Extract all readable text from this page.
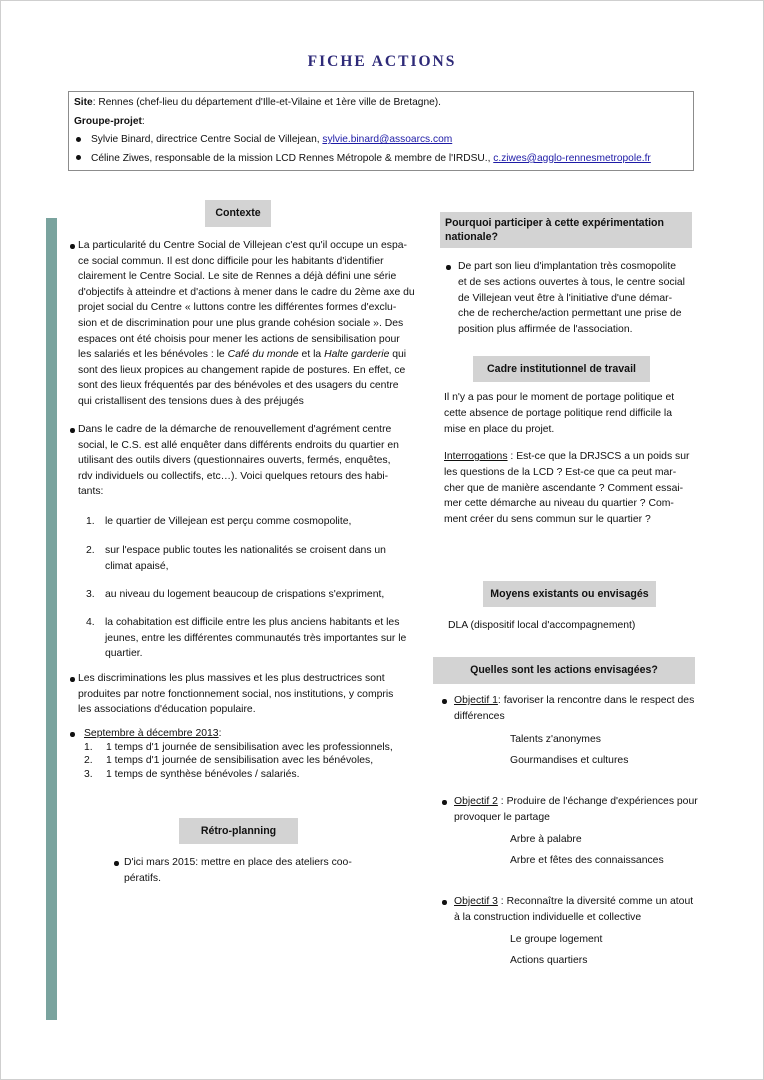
FICHE ACTIONS

Site: Rennes (chef-lieu du département d'Ille-et-Vilaine et 1ère ville de Bretagne).

Groupe-projet:

Sylvie Binard, directrice Centre Social de Villejean, sylvie.binard@assoarcs.com

Céline Ziwes, responsable de la mission LCD Rennes Métropole & membre de l'IRDSU., c.ziwes@agglo-rennesmetropole.fr

Contexte
La particularité du Centre Social de Villejean c'est qu'il occupe un espa-
ce social commun. Il est donc difficile pour les habitants d'identifier
clairement le Centre Social. Le site de Rennes a déjà défini une série
d'objectifs à atteindre et d'actions à mener dans le cadre du 2ème axe du
projet social du Centre « luttons contre les différentes formes d'exclu-
sion et de discrimination pour une plus grande cohésion sociale ». Des
espaces ont été choisis pour mener les actions de sensibilisation pour
les salariés et les bénévoles : le Café du monde et la Halte garderie qui
sont des lieux propices au changement rapide de postures. En effet, ce
sont des lieux fréquentés par des bénévoles et des usagers du centre
qui cristallisent des tensions dues à des préjugés
Dans le cadre de la démarche de renouvellement d'agrément centre
social, le C.S. est allé enquêter dans différents endroits du quartier en
utilisant des outils divers (questionnaires ouverts, fermés, enquêtes,
rdv individuels ou collectifs, etc…). Voici quelques retours des habi-
tants:
1. le quartier de Villejean est perçu comme cosmopolite,
2. sur l'espace public toutes les nationalités se croisent dans un
climat apaisé,
3. au niveau du logement beaucoup de crispations s'expriment,
4. la cohabitation est difficile entre les plus anciens habitants et les
jeunes, entre les différentes communautés très importantes sur le
quartier.
Les discriminations les plus massives et les plus destructrices sont
produites par notre fonctionnement social, nos institutions, y compris
les associations d'éducation populaire.
Septembre à décembre 2013:
1. 1 temps d'1 journée de sensibilisation avec les professionnels,
2. 1 temps d'1 journée de sensibilisation avec les bénévoles,
3. 1 temps de synthèse bénévoles / salariés.
Rétro-planning
D'ici mars 2015: mettre en place des ateliers coo-
pératifs.
Pourquoi participer à cette expérimentation
nationale?
De part son lieu d'implantation très cosmopolite
et de ses actions ouvertes à tous, le centre social
de Villejean veut être à l'initiative d'une démar-
che de recherche/action permettant une prise de
position plus affirmée de l'association.
Cadre institutionnel de travail
Il n'y a pas pour le moment de portage politique et
cette absence de portage politique rend difficile la
mise en place du projet.
Interrogations : Est-ce que la DRJSCS a un poids sur
les questions de la LCD ? Est-ce que ca peut mar-
cher que de manière ascendante ? Comment essai-
mer cette démarche au niveau du quartier ? Com-
ment créer du sens commun sur le quartier ?
Moyens existants ou envisagés
DLA (dispositif local d'accompagnement)
Quelles sont les actions envisagées?
Objectif 1: favoriser la rencontre dans le respect des
différences
Talents z'anonymes
Gourmandises et cultures
Objectif 2 : Produire de l'échange d'expériences pour
provoquer le partage
Arbre à palabre
Arbre et fêtes des connaissances
Objectif 3 : Reconnaître la diversité comme un atout
à la construction individuelle et collective
Le groupe logement
Actions quartiers
